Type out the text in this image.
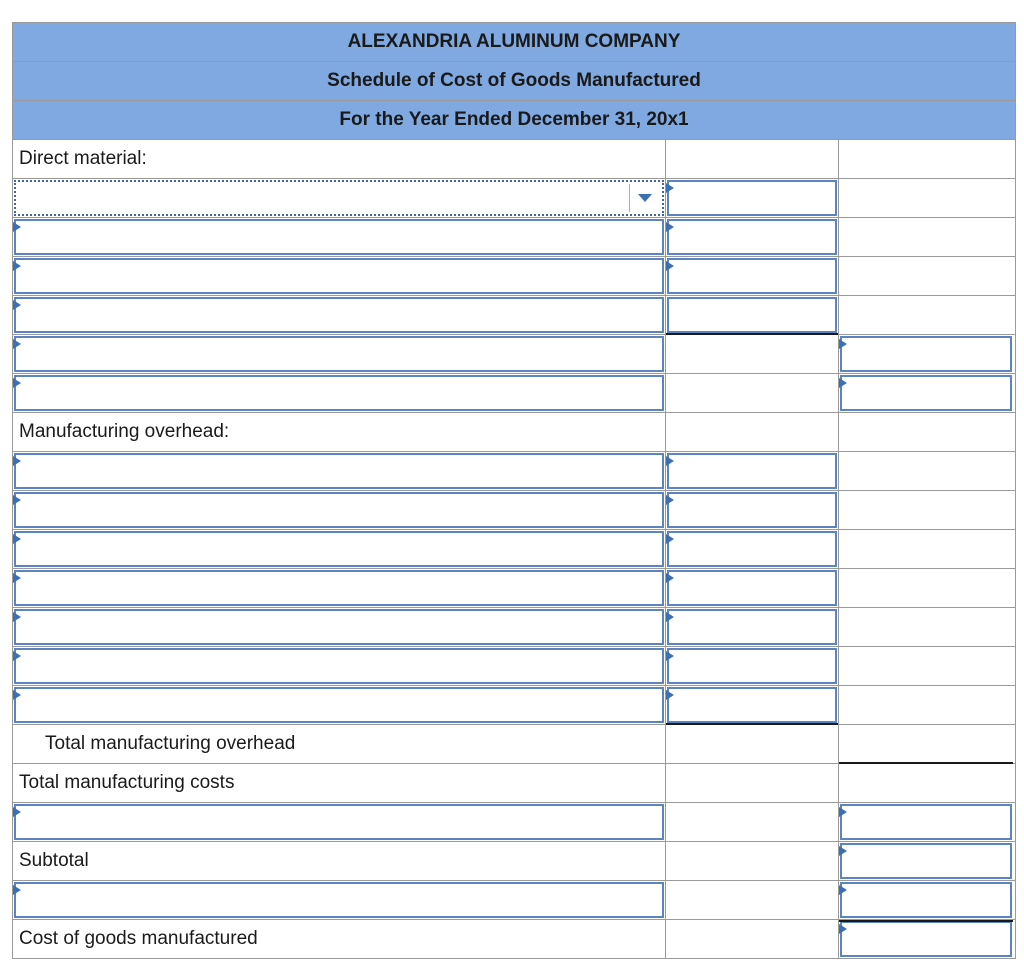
ALEXANDRIA ALUMINUM COMPANY
Schedule of Cost of Goods Manufactured
For the Year Ended December 31, 20x1
Direct material:
Manufacturing overhead:
Total manufacturing overhead
Total manufacturing costs
Subtotal
Cost of goods manufactured
